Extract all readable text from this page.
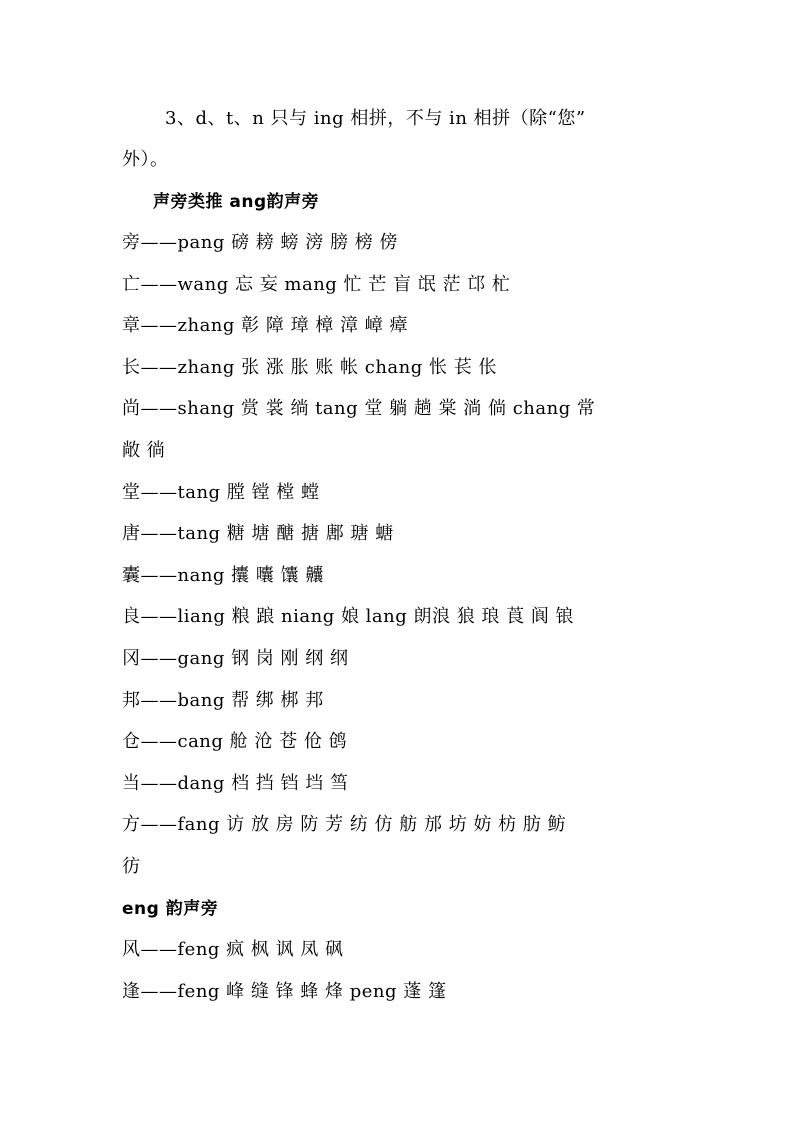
3、d、t、n 只与 ing 相拼，不与 in 相拼（除“您”
外）。
声旁类推 ang韵声旁
旁——pang 磅 耪 螃 滂 膀 榜 傍
亡——wang 忘 妄 mang 忙 芒 盲 氓 茫 邙 杧
章——zhang 彰 障 璋 樟 漳 嶂 瘴
长——zhang 张 涨 胀 账 帐 chang 怅 苌 伥
尚——shang 赏 裳 绱 tang 堂 躺 趟 棠 淌 倘 chang 常
敞 徜
堂——tang 膛 镗 樘 螳
唐——tang 糖 塘 醣 搪 鄌 瑭 螗
囊——nang 攮 囔 馕 齉
良——liang 粮 踉 niang 娘 lang 朗浪 狼 琅 莨 阆 锒
冈——gang 钢 岗 刚 纲 纲
邦——bang 帮 绑 梆 邦
仓——cang 舱 沧 苍 伧 鸧
当——dang 档 挡 铛 垱 筜
方——fang 访 放 房 防 芳 纺 仿 舫 邡 坊 妨 枋 肪 鲂
彷
eng 韵声旁
风——feng 疯 枫 讽 凤 砜
逢——feng 峰 缝 锋 蜂 烽 peng 蓬 篷
